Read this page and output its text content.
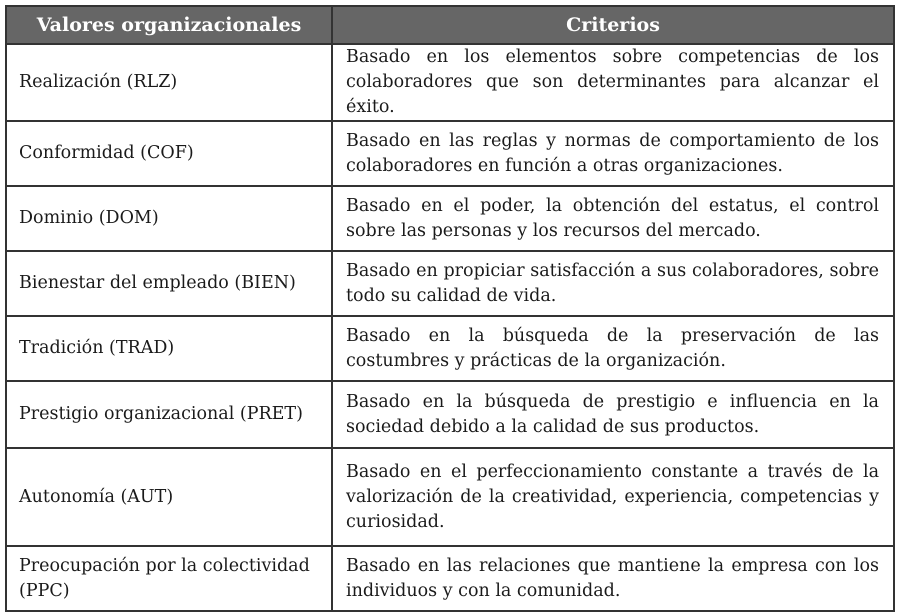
Valores organizacionales	Criterios
Realización (RLZ)	Basado en los elementos sobre competencias de los colaboradores que son determinantes para alcanzar el éxito.
Conformidad (COF)	Basado en las reglas y normas de comportamiento de los colaboradores en función a otras organizaciones.
Dominio (DOM)	Basado en el poder, la obtención del estatus, el control sobre las personas y los recursos del mercado.
Bienestar del empleado (BIEN)	Basado en propiciar satisfacción a sus colaboradores, sobre todo su calidad de vida.
Tradición (TRAD)	Basado en la búsqueda de la preservación de las costumbres y prácticas de la organización.
Prestigio organizacional (PRET)	Basado en la búsqueda de prestigio e influencia en la sociedad debido a la calidad de sus productos.
Autonomía (AUT)	Basado en el perfeccionamiento constante a través de la valorización de la creatividad, experiencia, competencias y curiosidad.
Preocupación por la colectividad (PPC)	Basado en las relaciones que mantiene la empresa con los individuos y con la comunidad.
